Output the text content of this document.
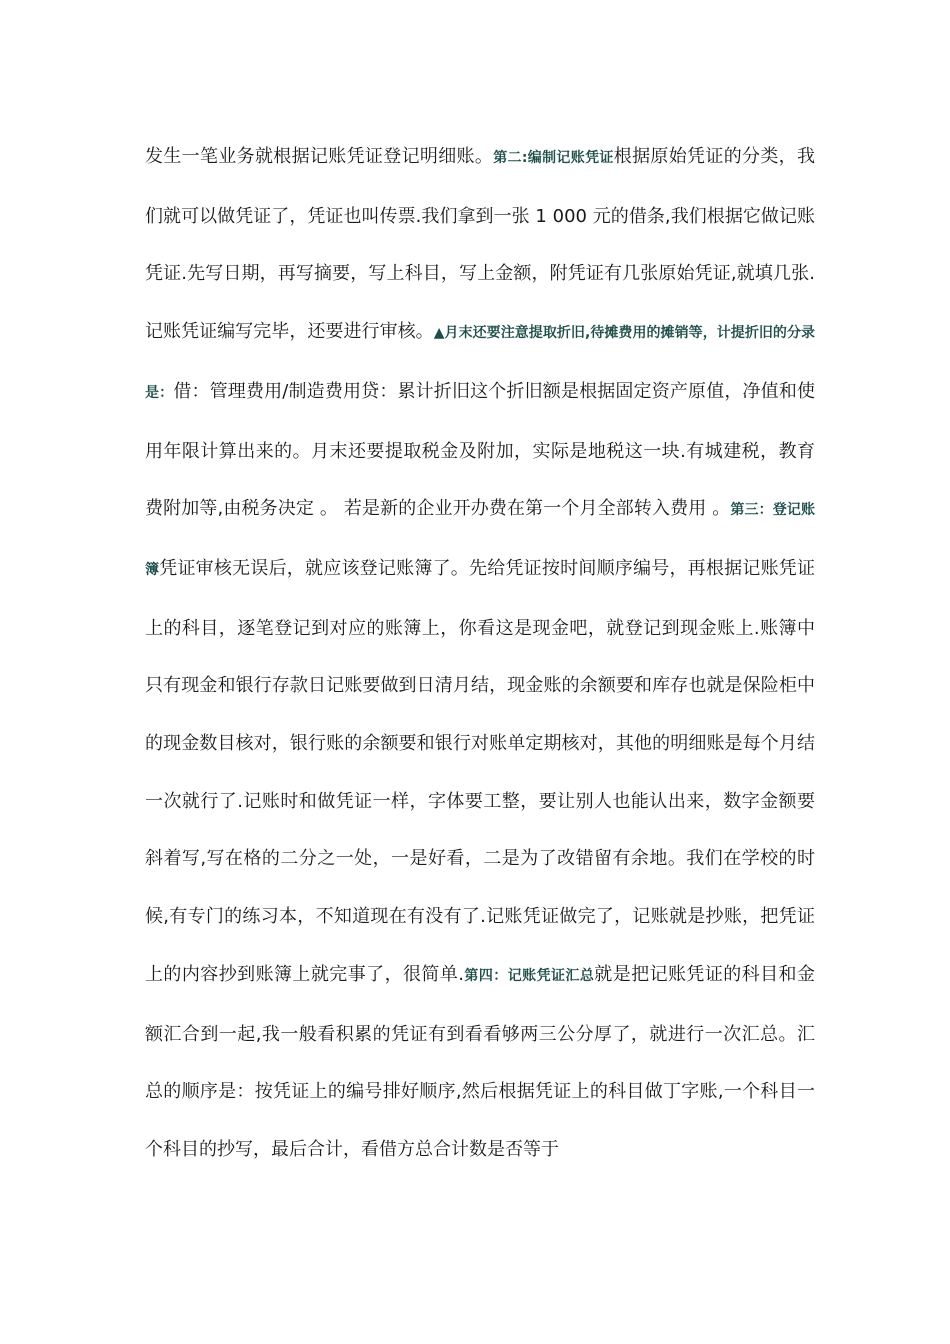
发生一笔业务就根据记账凭证登记明细账。第二:编制记账凭证根据原始凭证的分类，我们就可以做凭证了，凭证也叫传票.我们拿到一张 1 000 元的借条,我们根据它做记账凭证.先写日期，再写摘要，写上科目，写上金额，附凭证有几张原始凭证,就填几张.记账凭证编写完毕，还要进行审核。▲月末还要注意提取折旧,待摊费用的摊销等，计提折旧的分录是：借：管理费用/制造费用贷：累计折旧这个折旧额是根据固定资产原值，净值和使用年限计算出来的。月末还要提取税金及附加，实际是地税这一块.有城建税，教育费附加等,由税务决定 。 若是新的企业开办费在第一个月全部转入费用 。第三：登记账簿凭证审核无误后，就应该登记账簿了。先给凭证按时间顺序编号，再根据记账凭证上的科目，逐笔登记到对应的账簿上，你看这是现金吧，就登记到现金账上.账簿中只有现金和银行存款日记账要做到日清月结，现金账的余额要和库存也就是保险柜中的现金数目核对，银行账的余额要和银行对账单定期核对，其他的明细账是每个月结一次就行了.记账时和做凭证一样，字体要工整，要让别人也能认出来，数字金额要斜着写,写在格的二分之一处，一是好看，二是为了改错留有余地。我们在学校的时候,有专门的练习本，不知道现在有没有了.记账凭证做完了，记账就是抄账，把凭证上的内容抄到账簿上就完事了，很简单.第四：记账凭证汇总就是把记账凭证的科目和金额汇合到一起,我一般看积累的凭证有到看看够两三公分厚了，就进行一次汇总。汇总的顺序是：按凭证上的编号排好顺序,然后根据凭证上的科目做丁字账,一个科目一个科目的抄写，最后合计，看借方总合计数是否等于
